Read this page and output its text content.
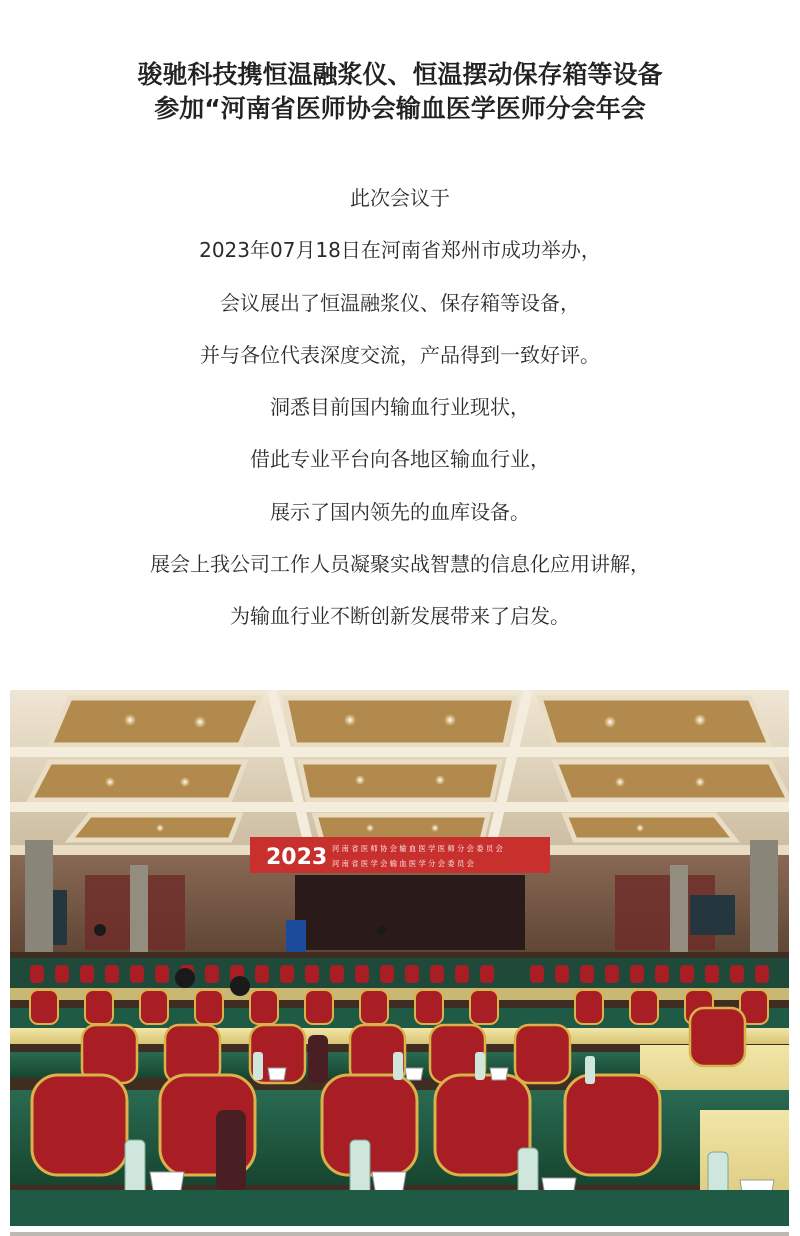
骏驰科技携恒温融浆仪、恒温摆动保存箱等设备
参加“河南省医师协会输血医学医师分会年会

此次会议于

2023年07月18日在河南省郑州市成功举办，

会议展出了恒温融浆仪、保存箱等设备，

并与各位代表深度交流，产品得到一致好评。

洞悉目前国内输血行业现状，

借此专业平台向各地区输血行业，

展示了国内领先的血库设备。

展会上我公司工作人员凝聚实战智慧的信息化应用讲解，

为输血行业不断创新发展带来了启发。

2023 河 南 省 医 师 协 会 输 血 医 学 医 师 分 会 委 员 会
河 南 省 医 学 会 输 血 医 学 分 会 委 员 会
